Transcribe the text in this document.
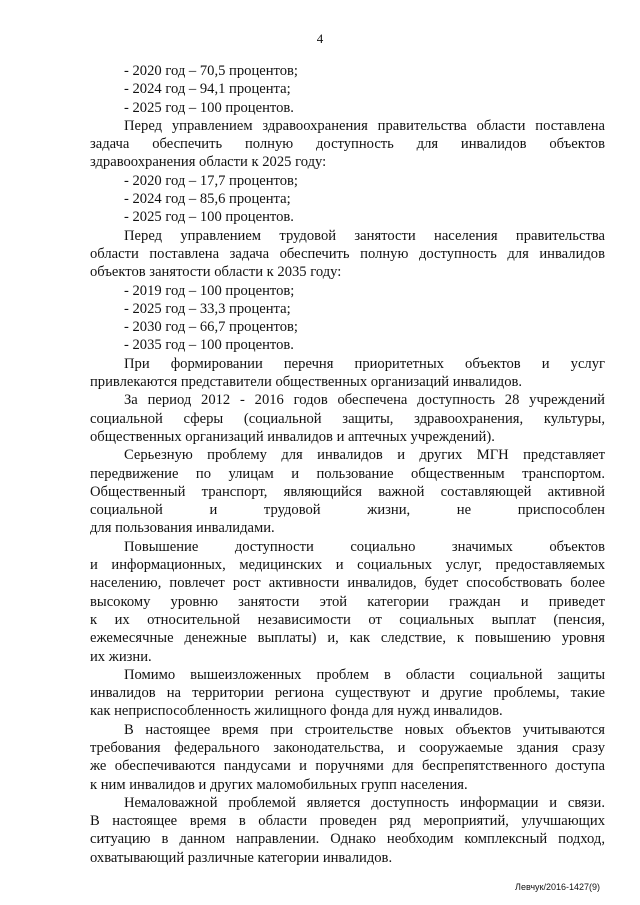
4
- 2020 год – 70,5 процентов;
- 2024 год – 94,1 процента;
- 2025 год – 100 процентов.
Перед управлением здравоохранения правительства области поставлена
задача обеспечить полную доступность для инвалидов объектов
здравоохранения области к 2025 году:
- 2020 год – 17,7 процентов;
- 2024 год – 85,6 процента;
- 2025 год – 100 процентов.
Перед управлением трудовой занятости населения правительства
области поставлена задача обеспечить полную доступность для инвалидов
объектов занятости области к 2035 году:
- 2019 год – 100 процентов;
- 2025 год – 33,3 процента;
- 2030 год – 66,7 процентов;
- 2035 год – 100 процентов.
При формировании перечня приоритетных объектов и услуг
привлекаются представители общественных организаций инвалидов.
За период 2012 - 2016 годов обеспечена доступность 28 учреждений
социальной сферы (социальной защиты, здравоохранения, культуры,
общественных организаций инвалидов и аптечных учреждений).
Серьезную проблему для инвалидов и других МГН представляет
передвижение по улицам и пользование общественным транспортом.
Общественный транспорт, являющийся важной составляющей активной
социальной и трудовой жизни, не приспособлен
для пользования инвалидами.
Повышение доступности социально значимых объектов
и информационных, медицинских и социальных услуг, предоставляемых
населению, повлечет рост активности инвалидов, будет способствовать более
высокому уровню занятости этой категории граждан и приведет
к их относительной независимости от социальных выплат (пенсия,
ежемесячные денежные выплаты) и, как следствие, к повышению уровня
их жизни.
Помимо вышеизложенных проблем в области социальной защиты
инвалидов на территории региона существуют и другие проблемы, такие
как неприспособленность жилищного фонда для нужд инвалидов.
В настоящее время при строительстве новых объектов учитываются
требования федерального законодательства, и сооружаемые здания сразу
же обеспечиваются пандусами и поручнями для беспрепятственного доступа
к ним инвалидов и других маломобильных групп населения.
Немаловажной проблемой является доступность информации и связи.
В настоящее время в области проведен ряд мероприятий, улучшающих
ситуацию в данном направлении. Однако необходим комплексный подход,
охватывающий различные категории инвалидов.
Левчук/2016-1427(9)
